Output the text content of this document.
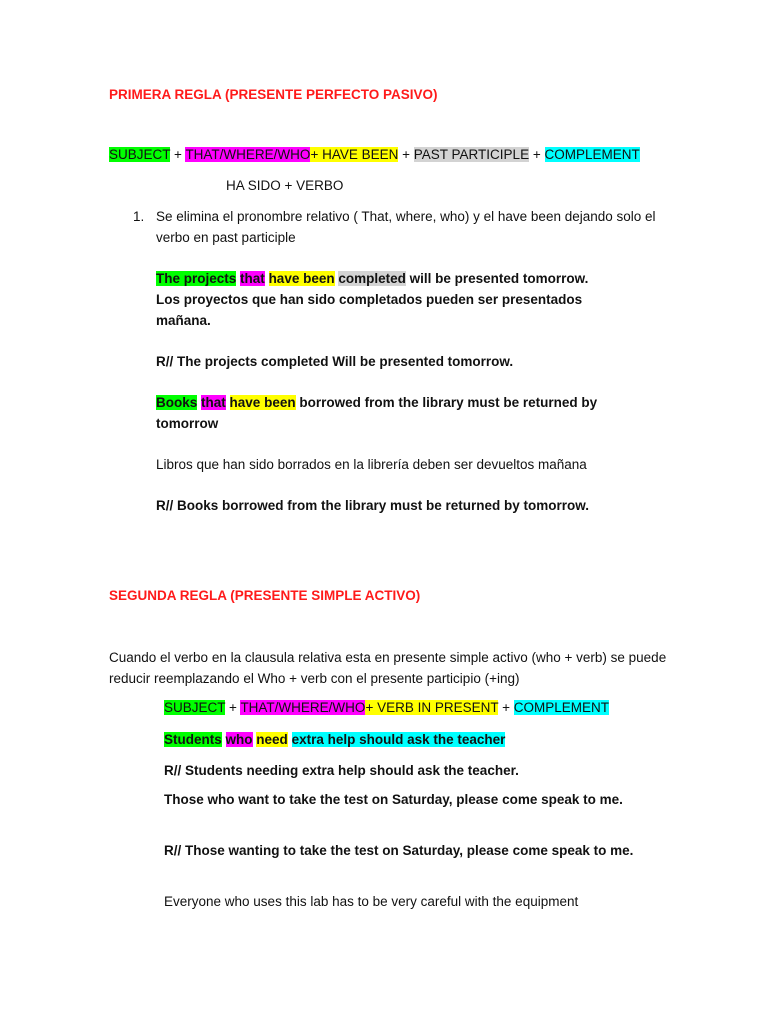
PRIMERA REGLA (PRESENTE PERFECTO PASIVO)
SUBJECT + THAT/WHERE/WHO+ HAVE BEEN + PAST PARTICIPLE + COMPLEMENT
HA SIDO + VERBO
1. Se elimina el pronombre relativo ( That, where, who) y el have been dejando solo el verbo en past participle
The projects that have been completed will be presented tomorrow.
Los proyectos que han sido completados pueden ser presentados mañana.
R// The projects completed Will be presented tomorrow.
Books that have been borrowed from the library must be returned by tomorrow
Libros que han sido borrados en la librería deben ser devueltos mañana
R// Books borrowed from the library must be returned by tomorrow.
SEGUNDA REGLA (PRESENTE SIMPLE ACTIVO)
Cuando el verbo en la clausula relativa esta en presente simple activo (who + verb) se puede reducir reemplazando el Who + verb con el presente participio (+ing)
SUBJECT + THAT/WHERE/WHO+ VERB IN PRESENT + COMPLEMENT
Students who need extra help should ask the teacher
R// Students needing extra help should ask the teacher.
Those who want to take the test on Saturday, please come speak to me.
R// Those wanting to take the test on Saturday, please come speak to me.
Everyone who uses this lab has to be very careful with the equipment
